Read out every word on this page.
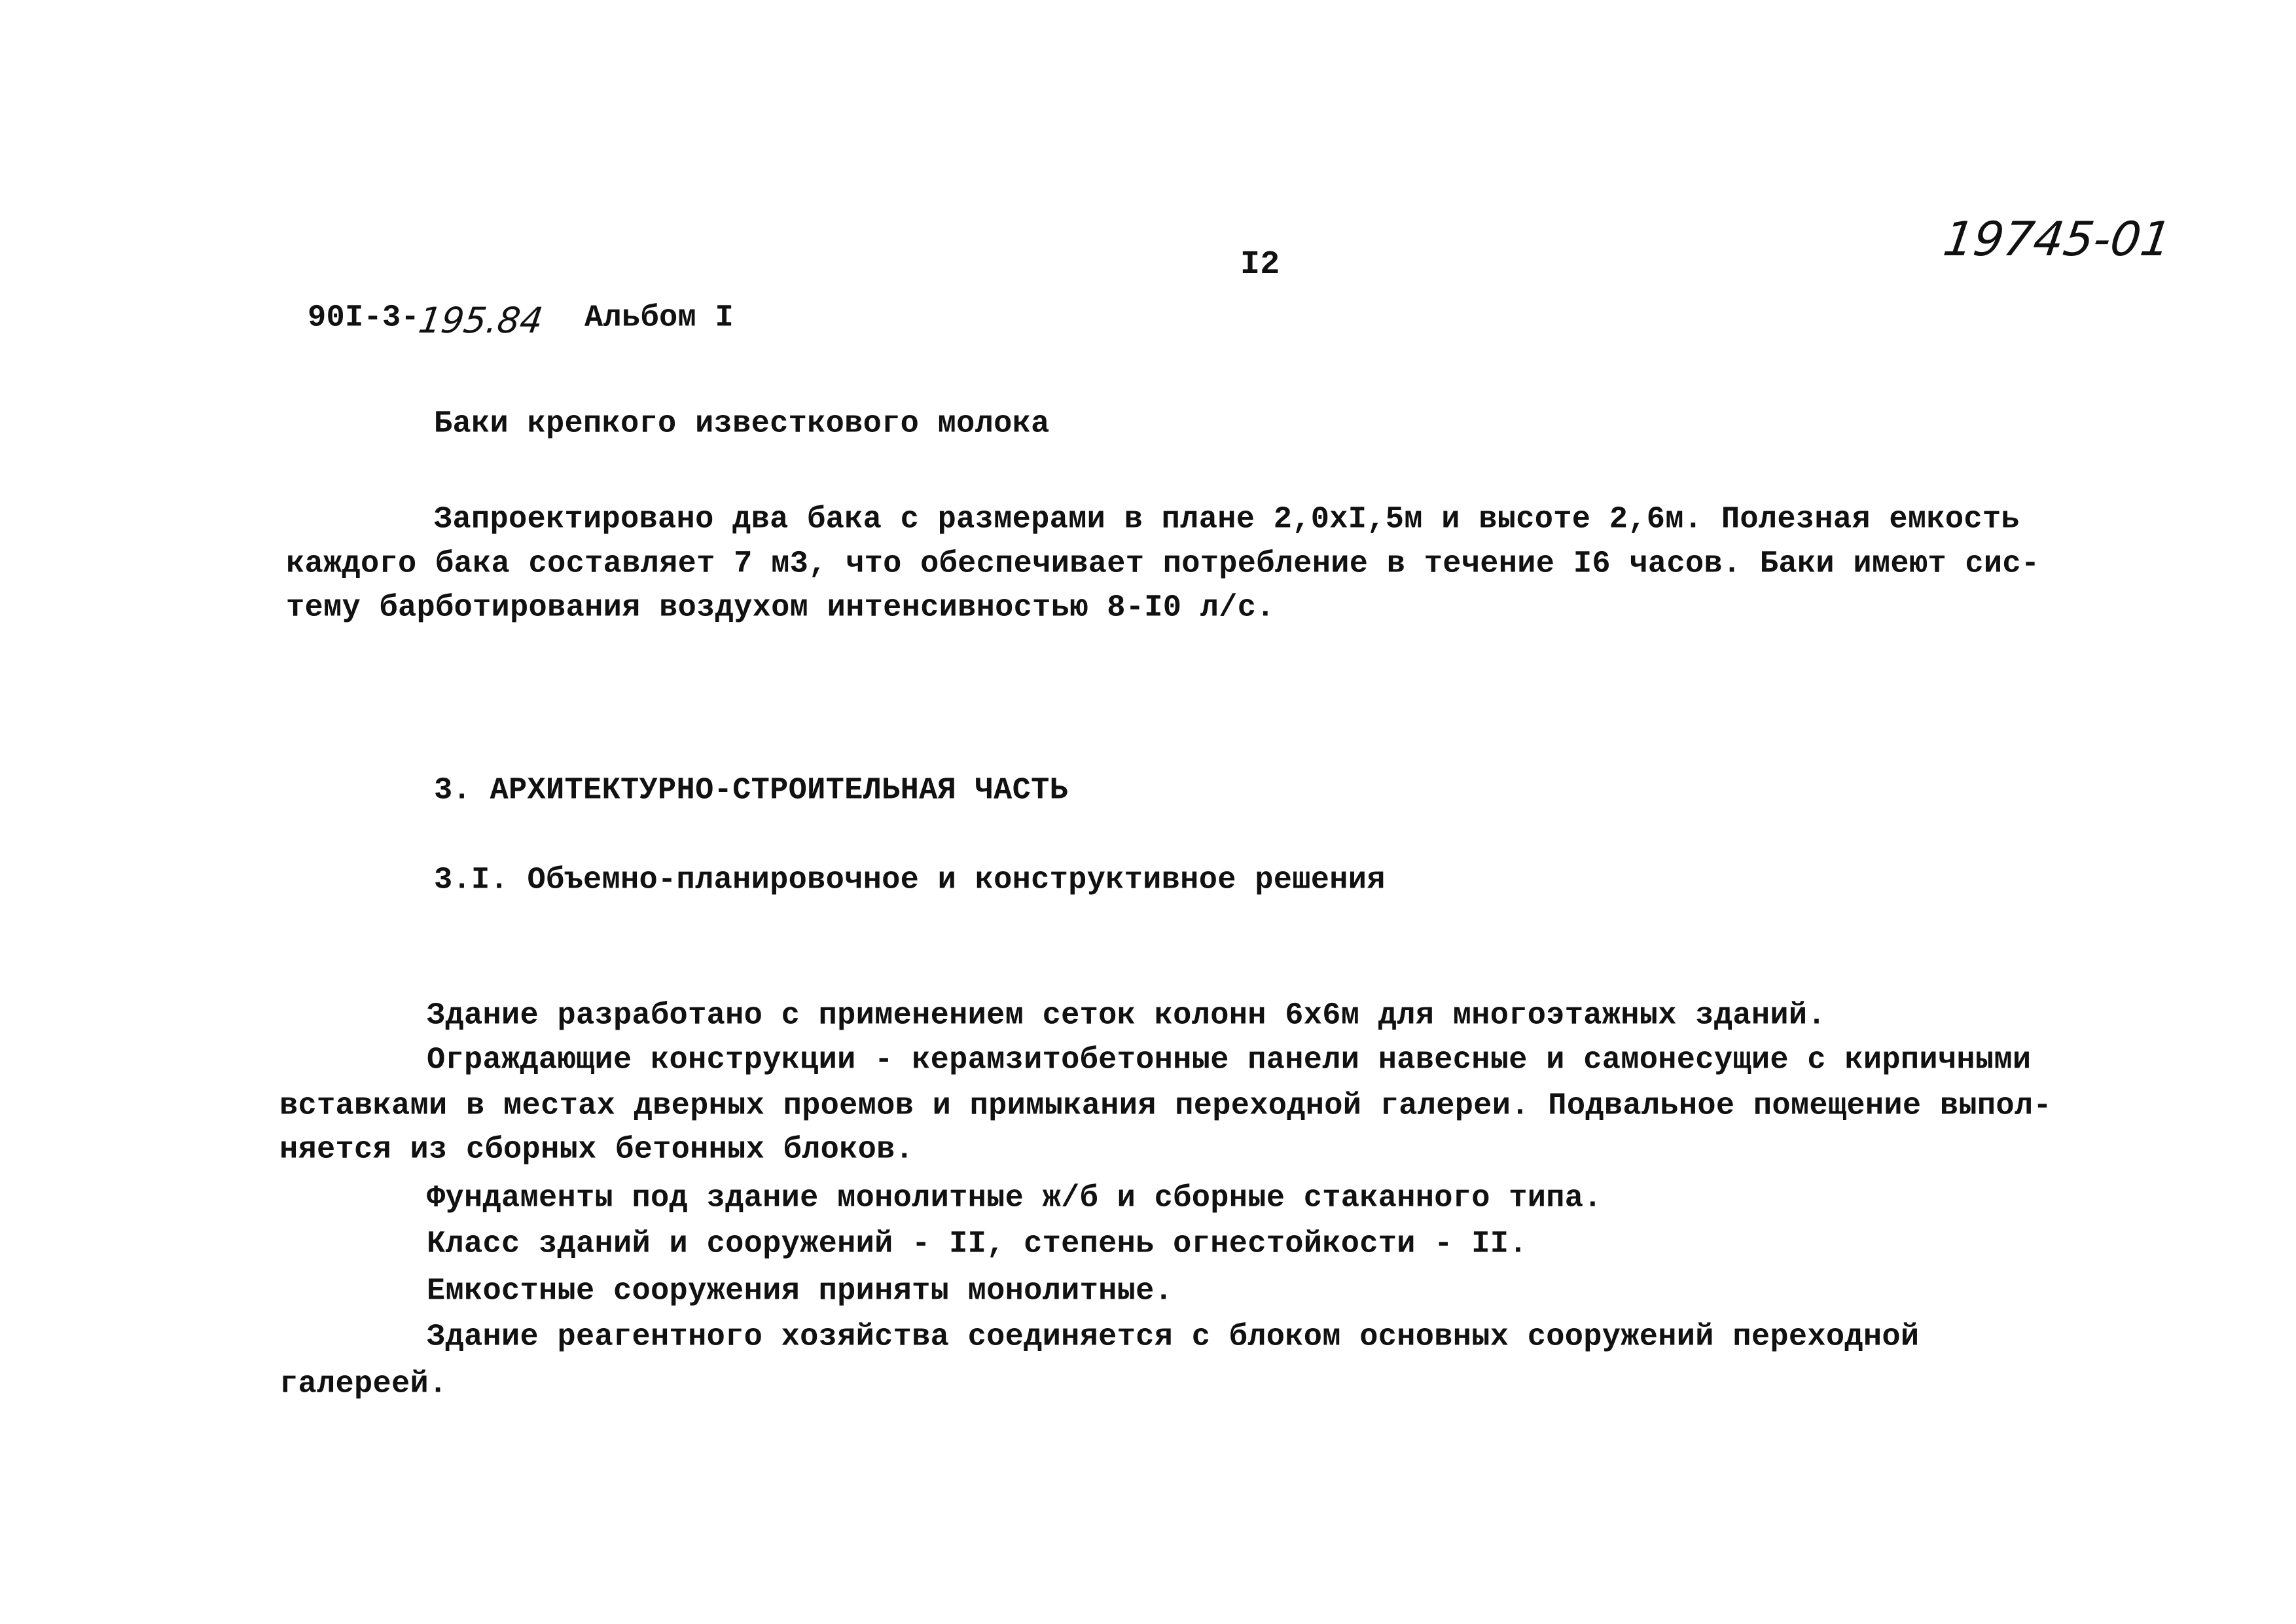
I2	19745-01
90I-3-
195.84 Альбом I
Баки крепкого известкового молока
Запроектировано два бака с размерами в плане 2,0хI,5м и высоте 2,6м. Полезная емкость
каждого бака составляет 7 м3, что обеспечивает потребление в течение I6 часов. Баки имеют сис-
тему барботирования воздухом интенсивностью 8-I0 л/с.
3. АРХИТЕКТУРНО-СТРОИТЕЛЬНАЯ ЧАСТЬ
3.I. Объемно-планировочное и конструктивное решения
Здание разработано с применением сеток колонн 6х6м для многоэтажных зданий.
Ограждающие конструкции - керамзитобетонные панели навесные и самонесущие с кирпичными
вставками в местах дверных проемов и примыкания переходной галереи. Подвальное помещение выпол-
няется из сборных бетонных блоков.
Фундаменты под здание монолитные ж/б и сборные стаканного типа.
Класс зданий и сооружений - II, степень огнестойкости - II.
Емкостные сооружения приняты монолитные.
Здание реагентного хозяйства соединяется с блоком основных сооружений переходной
галереей.
